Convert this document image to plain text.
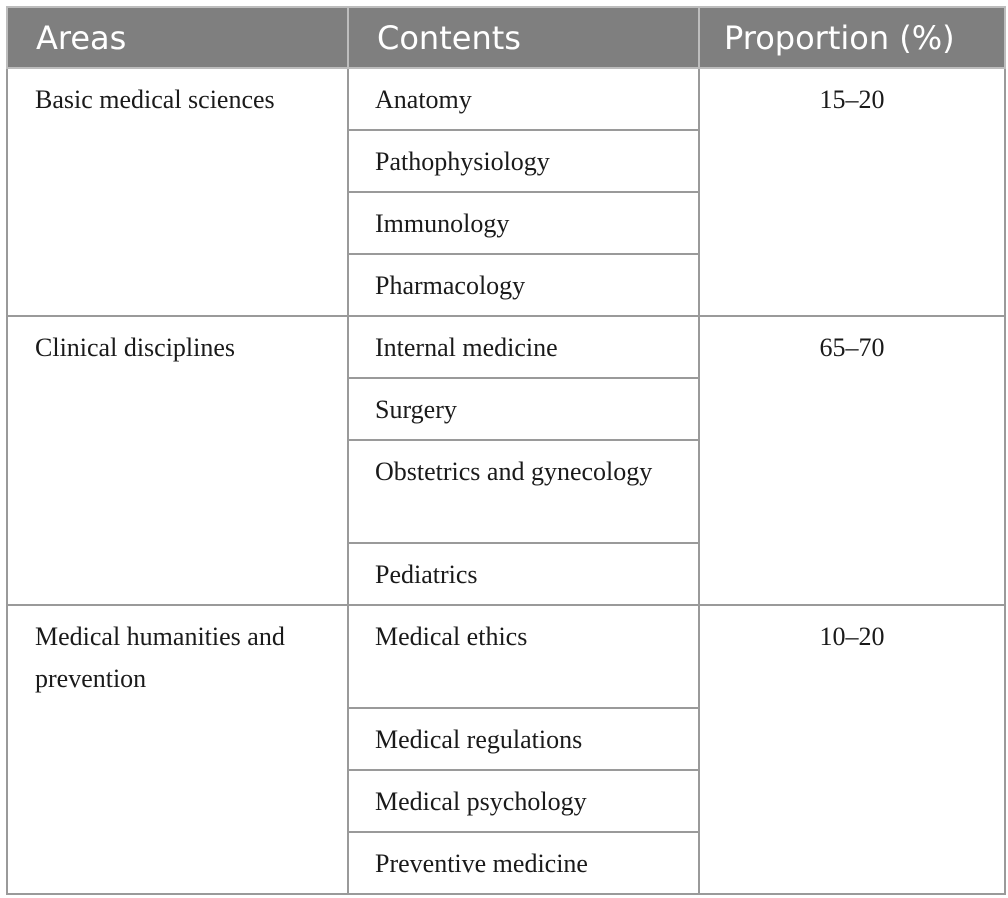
Areas	Contents	Proportion (%)
Basic medical sciences	Anatomy	15–20
	Pathophysiology	
	Immunology	
	Pharmacology	
Clinical disciplines	Internal medicine	65–70
	Surgery	
	Obstetrics and gynecology	
	Pediatrics	
Medical humanities and prevention	Medical ethics	10–20
	Medical regulations	
	Medical psychology	
	Preventive medicine	
